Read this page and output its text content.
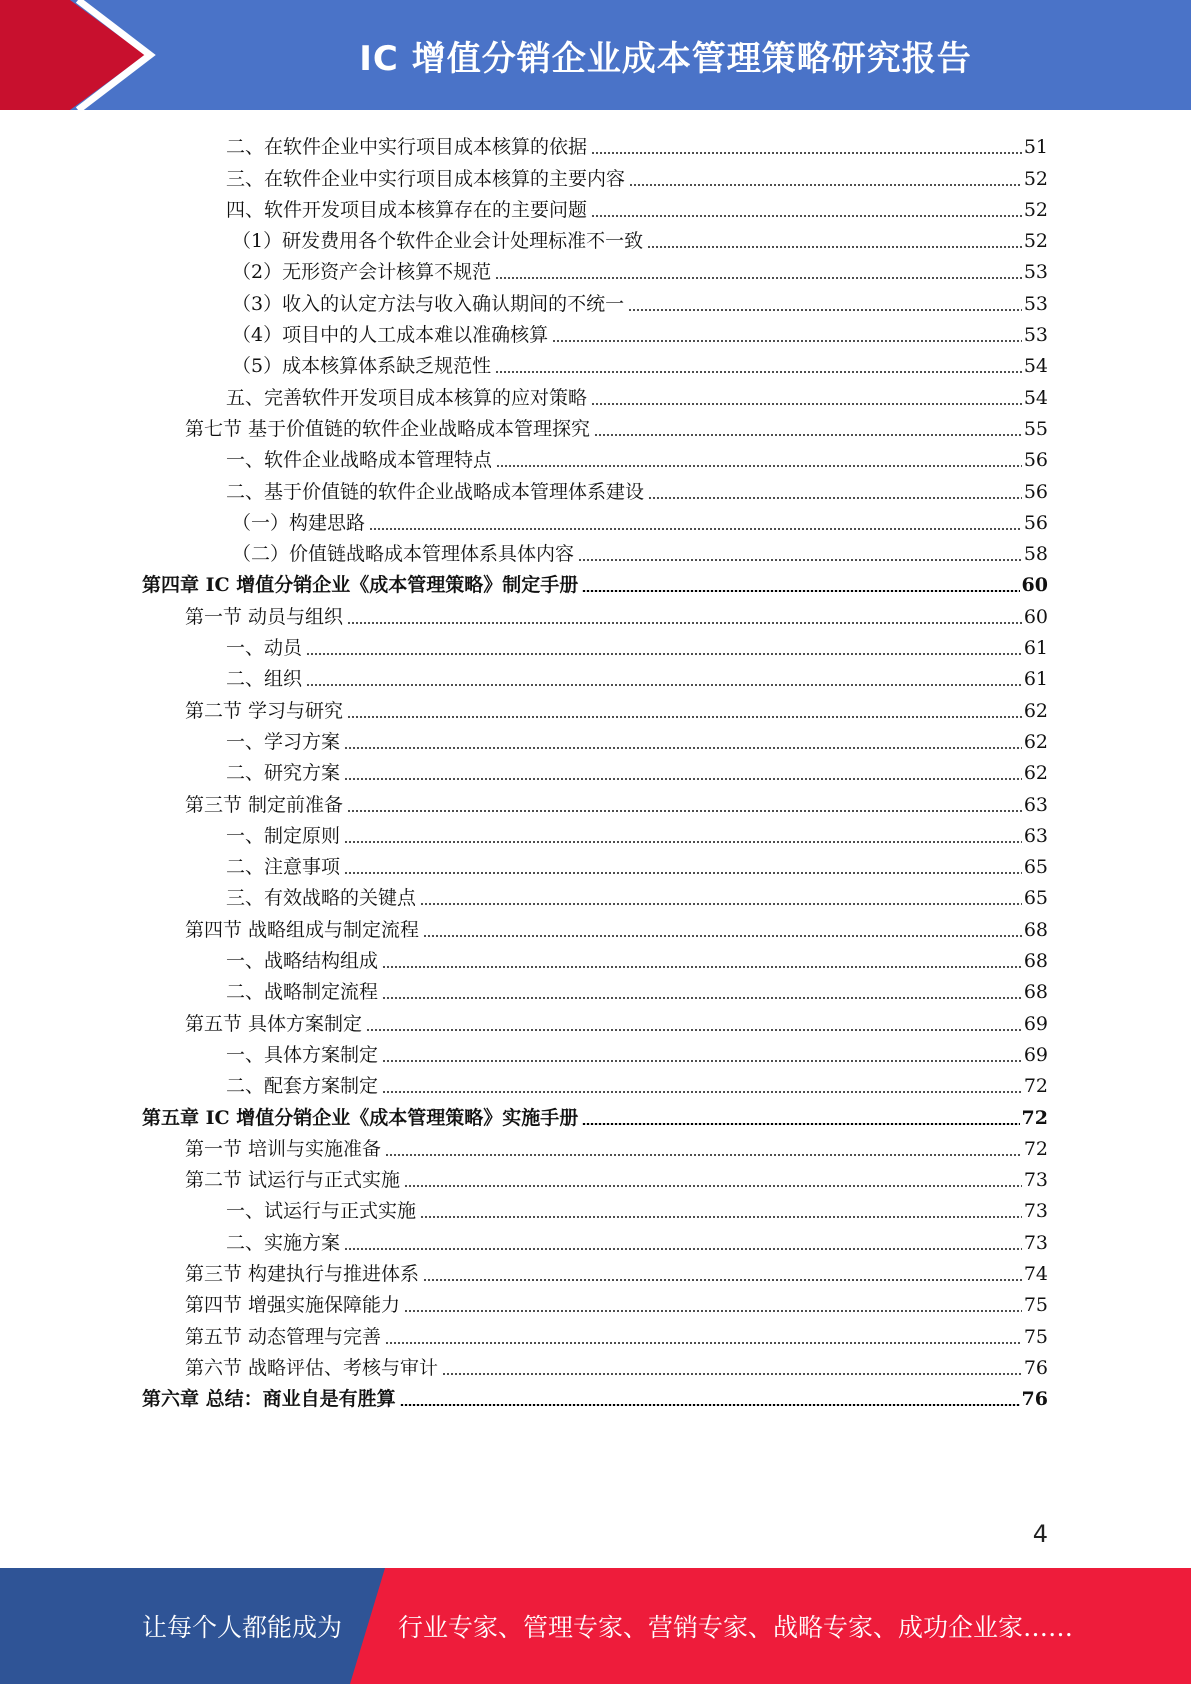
IC 增值分销企业成本管理策略研究报告
二、在软件企业中实行项目成本核算的依据	51
三、在软件企业中实行项目成本核算的主要内容	52
四、软件开发项目成本核算存在的主要问题	52
（1）研发费用各个软件企业会计处理标准不一致	52
（2）无形资产会计核算不规范	53
（3）收入的认定方法与收入确认期间的不统一	53
（4）项目中的人工成本难以准确核算	53
（5）成本核算体系缺乏规范性	54
五、完善软件开发项目成本核算的应对策略	54
第七节 基于价值链的软件企业战略成本管理探究	55
一、软件企业战略成本管理特点	56
二、基于价值链的软件企业战略成本管理体系建设	56
（一）构建思路	56
（二）价值链战略成本管理体系具体内容	58
第四章 IC 增值分销企业《成本管理策略》制定手册	60
第一节 动员与组织	60
一、动员	61
二、组织	61
第二节 学习与研究	62
一、学习方案	62
二、研究方案	62
第三节 制定前准备	63
一、制定原则	63
二、注意事项	65
三、有效战略的关键点	65
第四节 战略组成与制定流程	68
一、战略结构组成	68
二、战略制定流程	68
第五节 具体方案制定	69
一、具体方案制定	69
二、配套方案制定	72
第五章 IC 增值分销企业《成本管理策略》实施手册	72
第一节 培训与实施准备	72
第二节 试运行与正式实施	73
一、试运行与正式实施	73
二、实施方案	73
第三节 构建执行与推进体系	74
第四节 增强实施保障能力	75
第五节 动态管理与完善	75
第六节 战略评估、考核与审计	76
第六章 总结：商业自是有胜算	76
4
让每个人都能成为 行业专家、管理专家、营销专家、战略专家、成功企业家……
